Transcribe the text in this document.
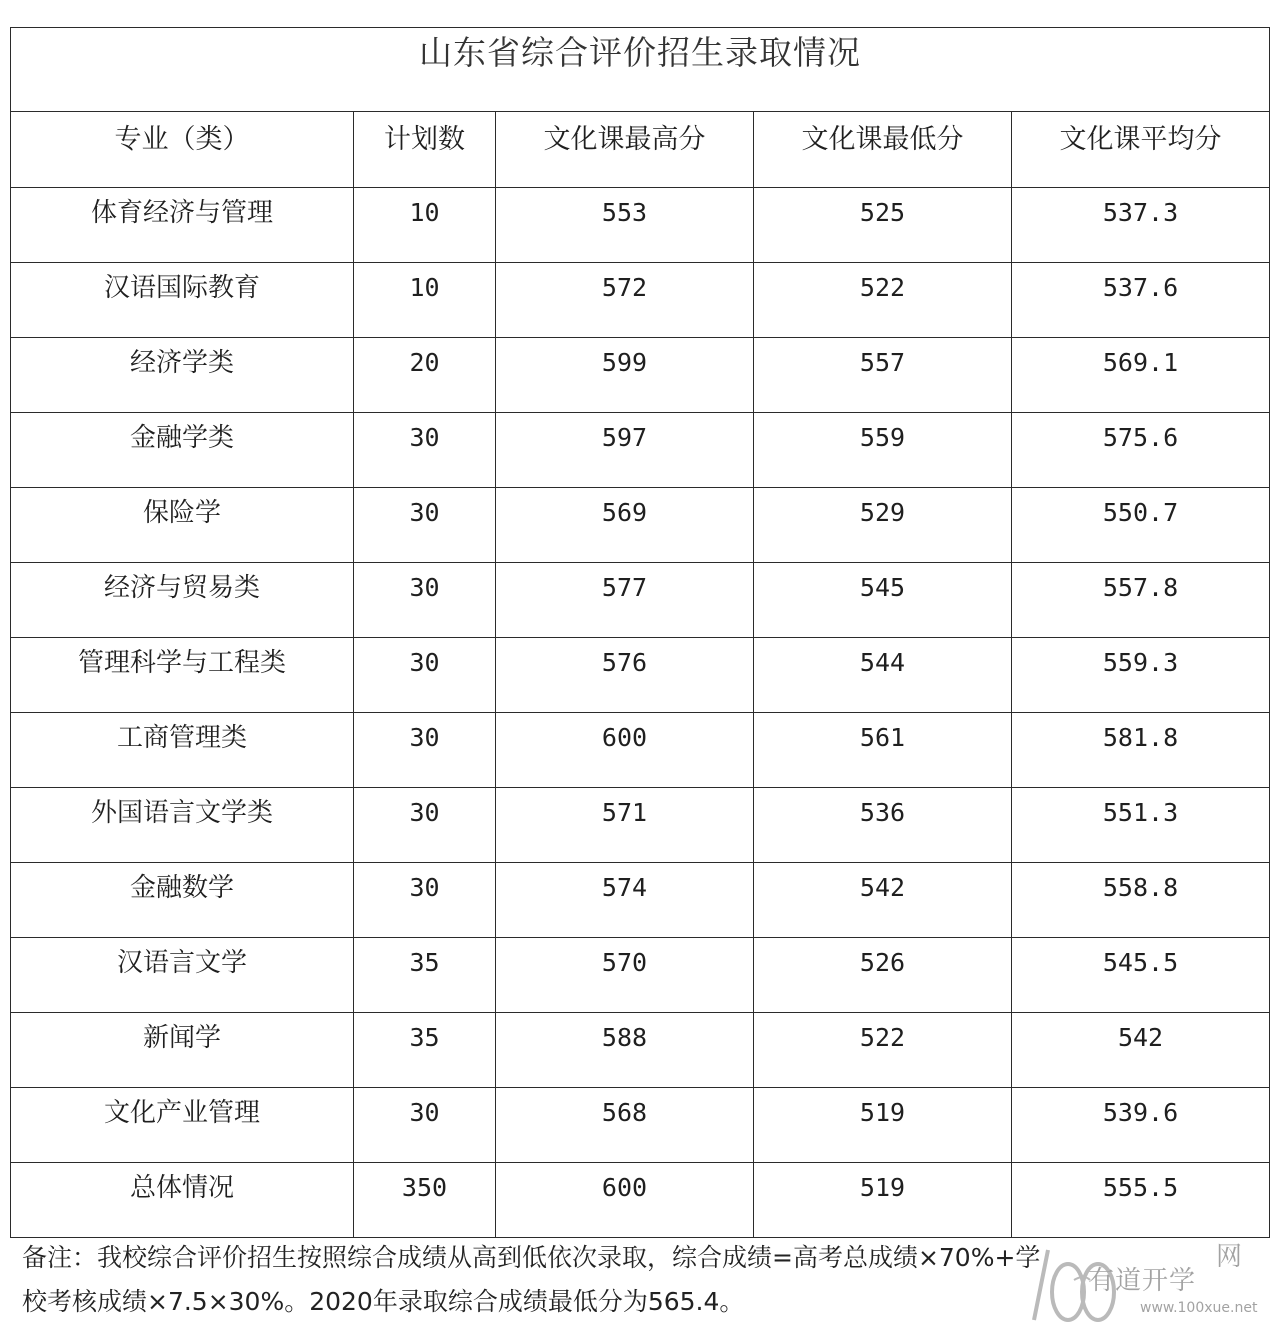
山东省综合评价招生录取情况				
专业（类）	计划数	文化课最高分	文化课最低分	文化课平均分
体育经济与管理	10	553	525	537.3
汉语国际教育	10	572	522	537.6
经济学类	20	599	557	569.1
金融学类	30	597	559	575.6
保险学	30	569	529	550.7
经济与贸易类	30	577	545	557.8
管理科学与工程类	30	576	544	559.3
工商管理类	30	600	561	581.8
外国语言文学类	30	571	536	551.3
金融数学	30	574	542	558.8
汉语言文学	35	570	526	545.5
新闻学	35	588	522	542
文化产业管理	30	568	519	539.6
总体情况	350	600	519	555.5
备注：我校综合评价招生按照综合成绩从高到低依次录取，综合成绩=高考总成绩×70%+学
校考核成绩×7.5×30%。2020年录取综合成绩最低分为565.4。
有道开学
网
www.100xue.net
